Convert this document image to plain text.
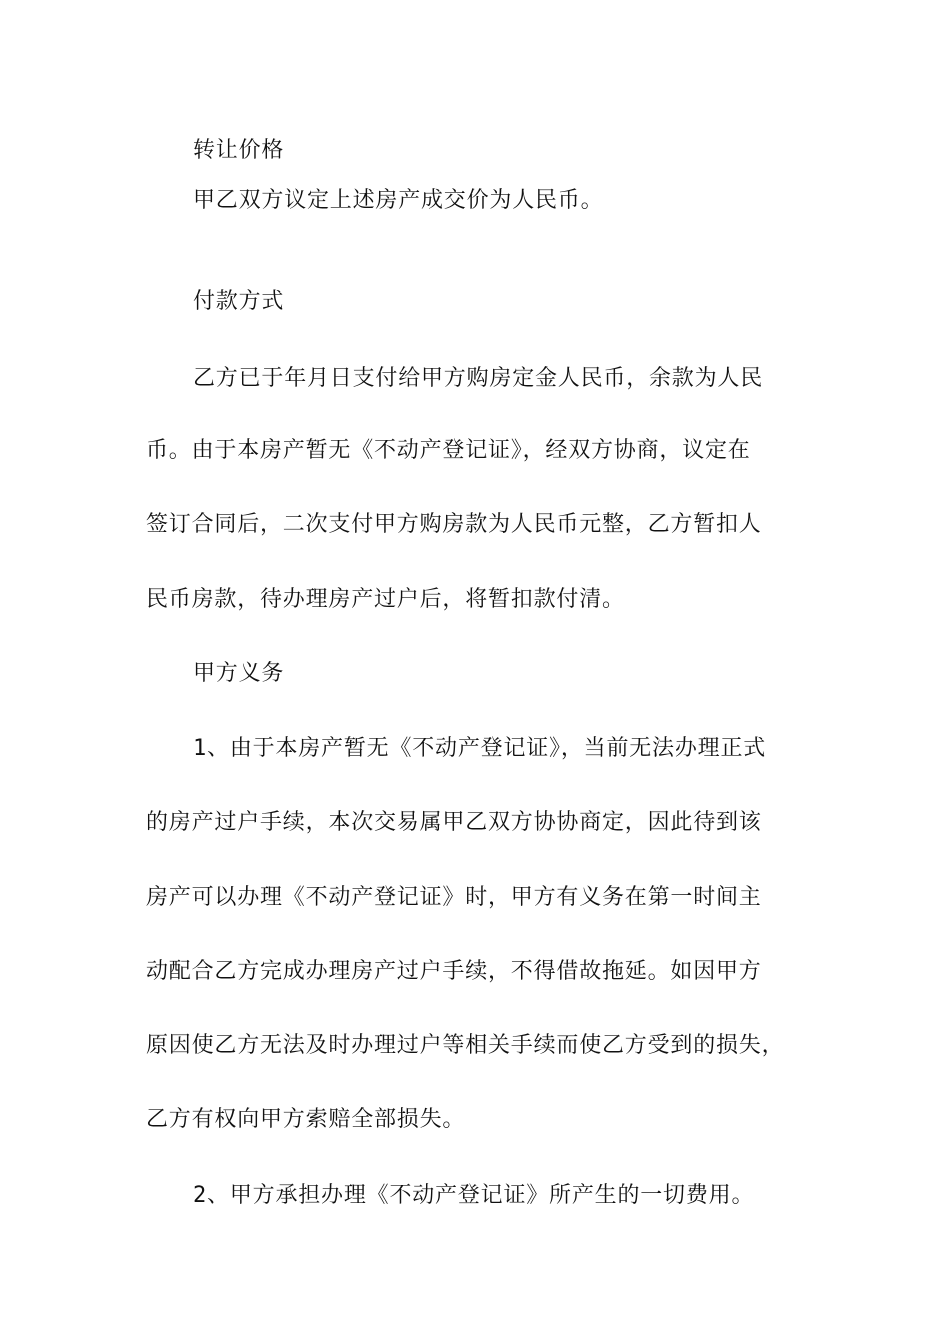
转让价格
甲乙双方议定上述房产成交价为人民币。
付款方式
乙方已于年月日支付给甲方购房定金人民币，余款为人民
币。由于本房产暂无《不动产登记证》，经双方协商，议定在
签订合同后，二次支付甲方购房款为人民币元整，乙方暂扣人
民币房款，待办理房产过户后，将暂扣款付清。
甲方义务
1、由于本房产暂无《不动产登记证》，当前无法办理正式
的房产过户手续，本次交易属甲乙双方协协商定，因此待到该
房产可以办理《不动产登记证》时，甲方有义务在第一时间主
动配合乙方完成办理房产过户手续，不得借故拖延。如因甲方
原因使乙方无法及时办理过户等相关手续而使乙方受到的损失，
乙方有权向甲方索赔全部损失。
2、甲方承担办理《不动产登记证》所产生的一切费用。
